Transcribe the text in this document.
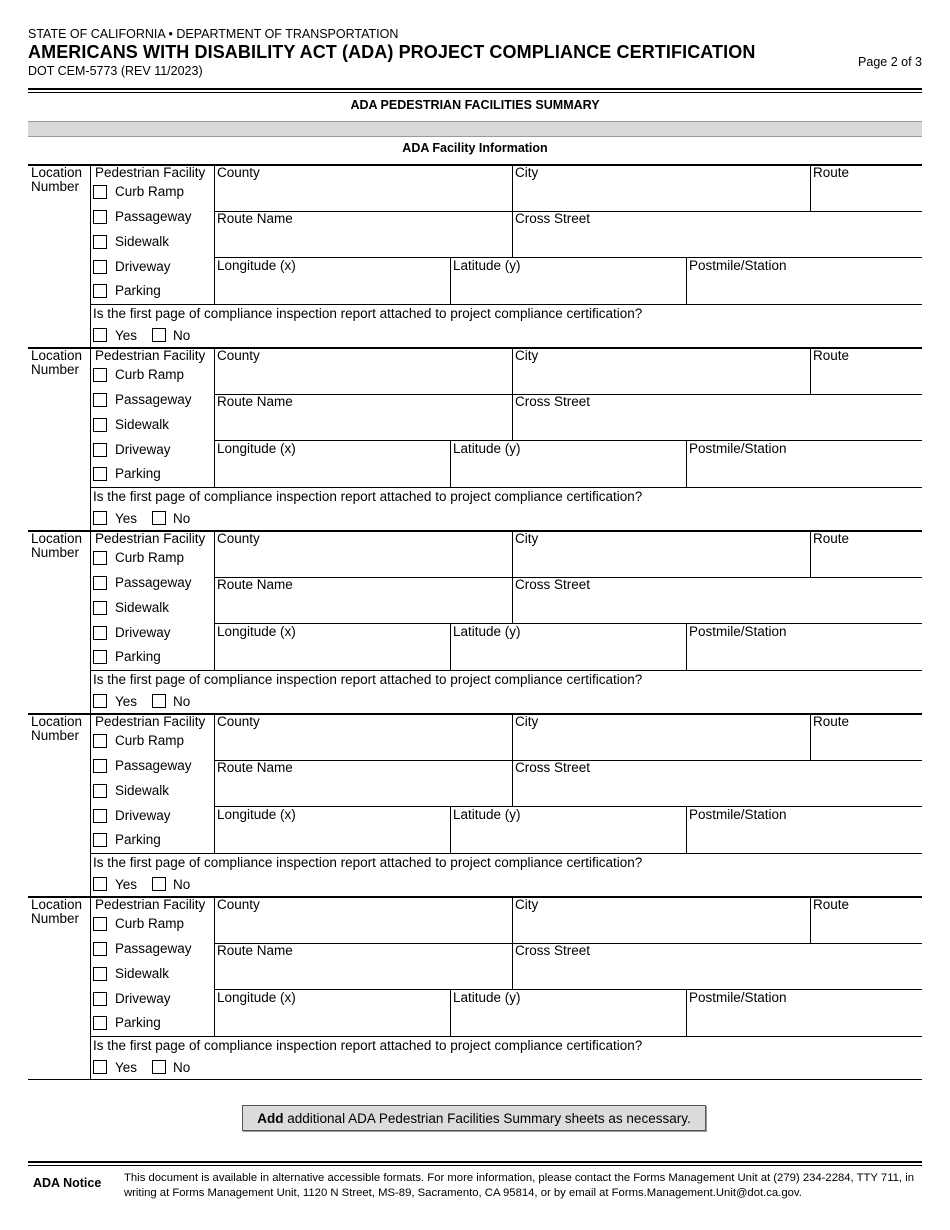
STATE OF CALIFORNIA • DEPARTMENT OF TRANSPORTATION
AMERICANS WITH DISABILITY ACT (ADA) PROJECT COMPLIANCE CERTIFICATION
DOT CEM-5773 (REV 11/2023)
Page 2 of 3
ADA PEDESTRIAN FACILITIES SUMMARY
ADA Facility Information
Location
Number
Pedestrian Facility
Curb Ramp
Passageway
Sidewalk
Driveway
Parking
County	City	Route
Route Name	Cross Street
Longitude (x)	Latitude (y)	Postmile/Station
Is the first page of compliance inspection report attached to project compliance certification?
Yes	No
Location
Number
Pedestrian Facility
Curb Ramp
Passageway
Sidewalk
Driveway
Parking
County	City	Route
Route Name	Cross Street
Longitude (x)	Latitude (y)	Postmile/Station
Is the first page of compliance inspection report attached to project compliance certification?
Yes	No
Location
Number
Pedestrian Facility
Curb Ramp
Passageway
Sidewalk
Driveway
Parking
County	City	Route
Route Name	Cross Street
Longitude (x)	Latitude (y)	Postmile/Station
Is the first page of compliance inspection report attached to project compliance certification?
Yes	No
Location
Number
Pedestrian Facility
Curb Ramp
Passageway
Sidewalk
Driveway
Parking
County	City	Route
Route Name	Cross Street
Longitude (x)	Latitude (y)	Postmile/Station
Is the first page of compliance inspection report attached to project compliance certification?
Yes	No
Location
Number
Pedestrian Facility
Curb Ramp
Passageway
Sidewalk
Driveway
Parking
County	City	Route
Route Name	Cross Street
Longitude (x)	Latitude (y)	Postmile/Station
Is the first page of compliance inspection report attached to project compliance certification?
Yes	No
Add additional ADA Pedestrian Facilities Summary sheets as necessary.
ADA Notice This document is available in alternative accessible formats. For more information, please contact the Forms Management Unit at (279) 234-2284, TTY 711, in writing at Forms Management Unit, 1120 N Street, MS-89, Sacramento, CA 95814, or by email at Forms.Management.Unit@dot.ca.gov.
